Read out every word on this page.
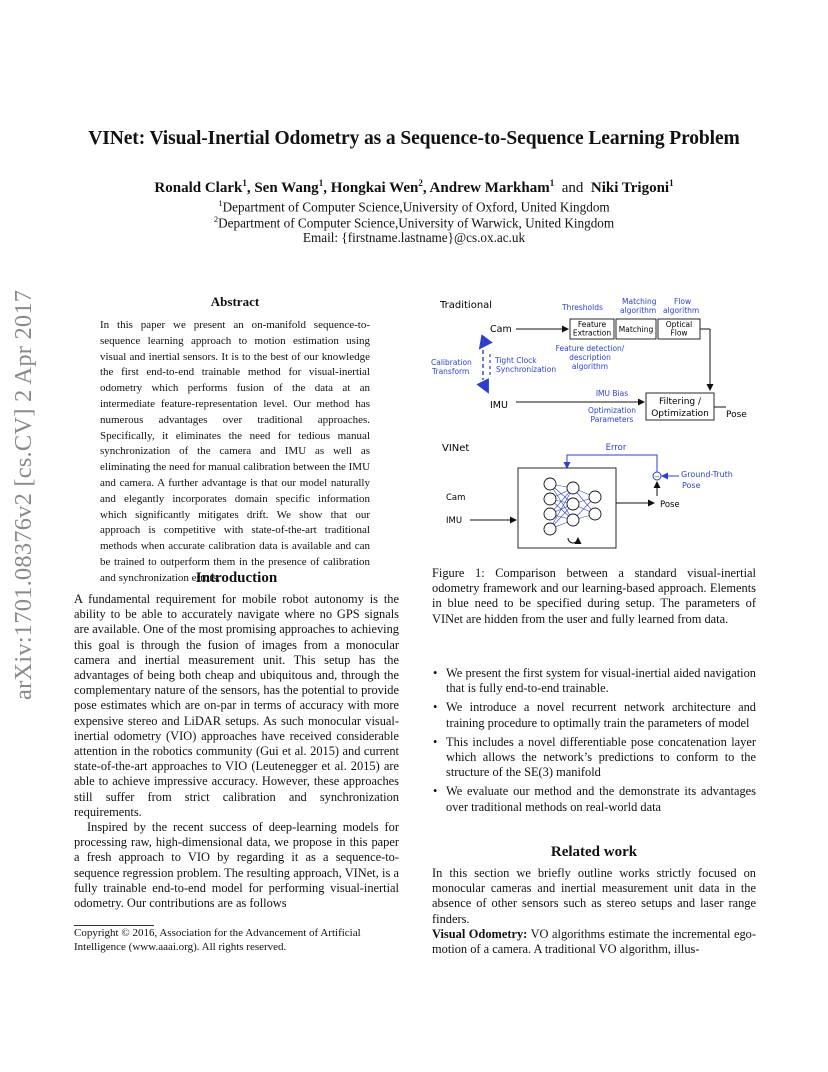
arXiv:1701.08376v2 [cs.CV] 2 Apr 2017
VINet: Visual-Inertial Odometry as a Sequence-to-Sequence Learning Problem
Ronald Clark$^1$, Sen Wang$^1$, Hongkai Wen$^2$, Andrew Markham$^1$ and Niki Trigoni$^1$
$^1$Department of Computer Science,University of Oxford, United Kingdom
$^2$Department of Computer Science,University of Warwick, United Kingdom
Email: {firstname.lastname}@cs.ox.ac.uk
Abstract
In this paper we present an on-manifold sequence-to-sequence learning approach to motion estimation using visual and inertial sensors. It is to the best of our knowledge the first end-to-end trainable method for visual-inertial odometry which performs fusion of the data at an intermediate feature-representation level. Our method has numerous advantages over traditional approaches. Specifically, it eliminates the need for tedious manual synchronization of the camera and IMU as well as eliminating the need for manual calibration between the IMU and camera. A further advantage is that our model naturally and elegantly incorporates domain specific information which significantly mitigates drift. We show that our approach is competitive with state-of-the-art traditional methods when accurate calibration data is available and can be trained to outperform them in the presence of calibration and synchronization errors.
Introduction

A fundamental requirement for mobile robot autonomy is the ability to be able to accurately navigate where no GPS signals are available. One of the most promising approaches to achieving this goal is through the fusion of images from a monocular camera and inertial measurement unit. This setup has the advantages of being both cheap and ubiquitous and, through the complementary nature of the sensors, has the potential to provide pose estimates which are on-par in terms of accuracy with more expensive stereo and LiDAR setups. As such monocular visual-inertial odometry (VIO) approaches have received considerable attention in the robotics community (Gui et al. 2015) and current state-of-the-art approaches to VIO (Leutenegger et al. 2015) are able to achieve impressive accuracy. However, these approaches still suffer from strict calibration and synchronization requirements.

Inspired by the recent success of deep-learning models for processing raw, high-dimensional data, we propose in this paper a fresh approach to VIO by regarding it as a sequence-to-sequence regression problem. The resulting approach, VINet, is a fully trainable end-to-end model for performing visual-inertial odometry. Our contributions are as follows

Copyright © 2016, Association for the Advancement of Artificial Intelligence (www.aaai.org). All rights reserved.
Traditional	Thresholds
Matching algorithm
Flow algorithm
Cam	Feature Extraction Matching
Optical Flow
Feature detection/ description algorithm
Calibration Transform
Tight Clock Synchronization
IMU
IMU Bias
Optimization Parameters
Filtering / Optimization Pose
VINet	Error
−	Ground-Truth Pose
Cam
IMU
Pose
Figure 1: Comparison between a standard visual-inertial odometry framework and our learning-based approach. Elements in blue need to be specified during setup. The parameters of VINet are hidden from the user and fully learned from data.
• We present the first system for visual-inertial aided navigation that is fully end-to-end trainable.
• We introduce a novel recurrent network architecture and training procedure to optimally train the parameters of model
• This includes a novel differentiable pose concatenation layer which allows the network’s predictions to conform to the structure of the SE(3) manifold
• We evaluate our method and the demonstrate its advantages over traditional methods on real-world data
Related work

In this section we briefly outline works strictly focused on monocular cameras and inertial measurement unit data in the absence of other sensors such as stereo setups and laser range finders.

Visual Odometry: VO algorithms estimate the incremental ego-motion of a camera. A traditional VO algorithm, illus-
